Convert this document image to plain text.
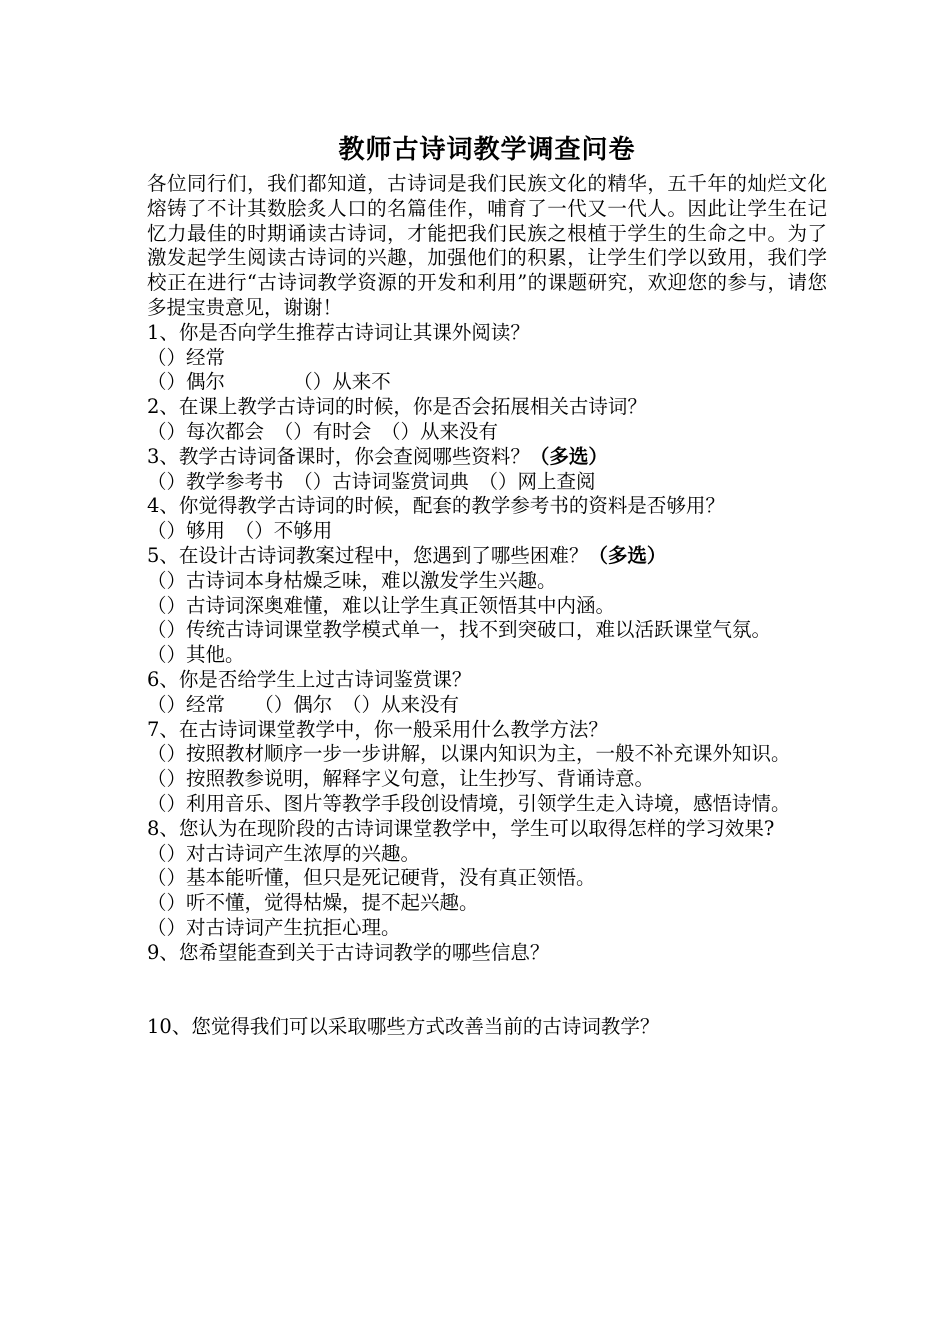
教师古诗词教学调查问卷

各位同行们，我们都知道，古诗词是我们民族文化的精华，五千年的灿烂文化熔铸了不计其数脍炙人口的名篇佳作，哺育了一代又一代人。因此让学生在记忆力最佳的时期诵读古诗词，才能把我们民族之根植于学生的生命之中。为了激发起学生阅读古诗词的兴趣，加强他们的积累，让学生们学以致用，我们学校正在进行“古诗词教学资源的开发和利用”的课题研究，欢迎您的参与，请您多提宝贵意见，谢谢！

1、你是否向学生推荐古诗词让其课外阅读？

（）经常

（）偶尔　　　　（）从来不

2、在课上教学古诗词的时候，你是否会拓展相关古诗词？

（）每次都会　（）有时会　（）从来没有

3、教学古诗词备课时，你会查阅哪些资料？（多选）

（）教学参考书　（）古诗词鉴赏词典　（）网上查阅

4、你觉得教学古诗词的时候，配套的教学参考书的资料是否够用？

（）够用　（）不够用

5、在设计古诗词教案过程中，您遇到了哪些困难？（多选）

（）古诗词本身枯燥乏味，难以激发学生兴趣。

（）古诗词深奥难懂，难以让学生真正领悟其中内涵。

（）传统古诗词课堂教学模式单一，找不到突破口，难以活跃课堂气氛。

（）其他。

6、你是否给学生上过古诗词鉴赏课？

（）经常　　（）偶尔　（）从来没有

7、在古诗词课堂教学中，你一般采用什么教学方法？

（）按照教材顺序一步一步讲解，以课内知识为主，一般不补充课外知识。

（）按照教参说明，解释字义句意，让生抄写、背诵诗意。

（）利用音乐、图片等教学手段创设情境，引领学生走入诗境，感悟诗情。

8、您认为在现阶段的古诗词课堂教学中，学生可以取得怎样的学习效果?

（）对古诗词产生浓厚的兴趣。

（）基本能听懂，但只是死记硬背，没有真正领悟。

（）听不懂，觉得枯燥，提不起兴趣。

（）对古诗词产生抗拒心理。

9、您希望能查到关于古诗词教学的哪些信息？

10、您觉得我们可以采取哪些方式改善当前的古诗词教学？
